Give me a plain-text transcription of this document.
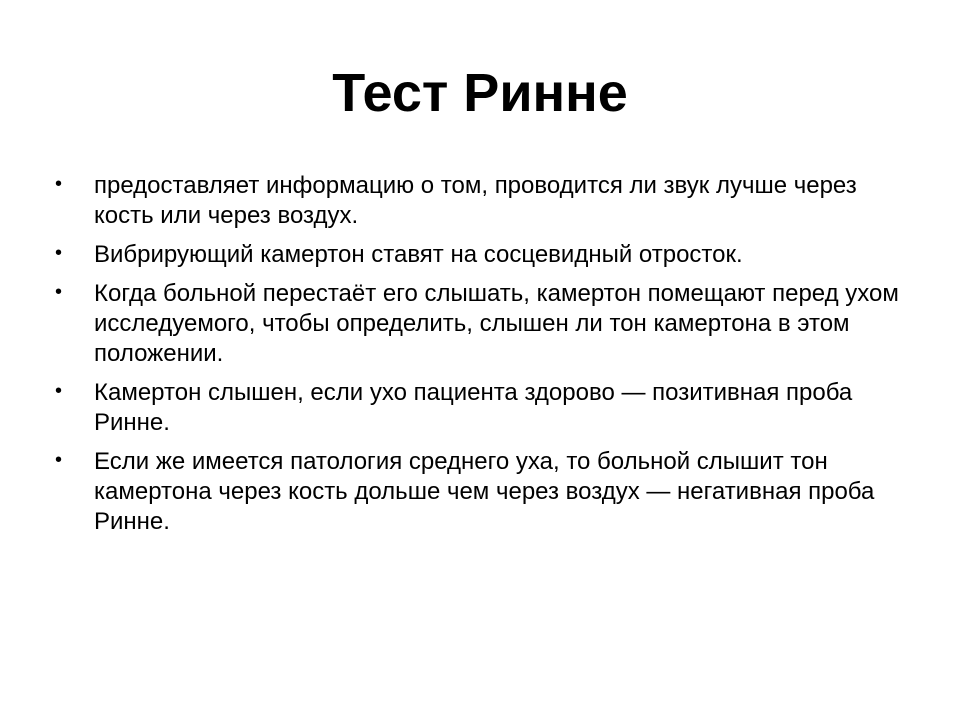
Тест Ринне
• предоставляет информацию о том, проводится ли звук лучше через кость или через воздух.
• Вибрирующий камертон ставят на сосцевидный отросток.
• Когда больной перестаёт его слышать, камертон помещают перед ухом исследуемого, чтобы определить, слышен ли тон камертона в этом положении.
• Камертон слышен, если ухо пациента здорово — позитивная проба Ринне.
• Если же имеется патология среднего уха, то больной слышит тон камертона через кость дольше чем через воздух — негативная проба Ринне.
